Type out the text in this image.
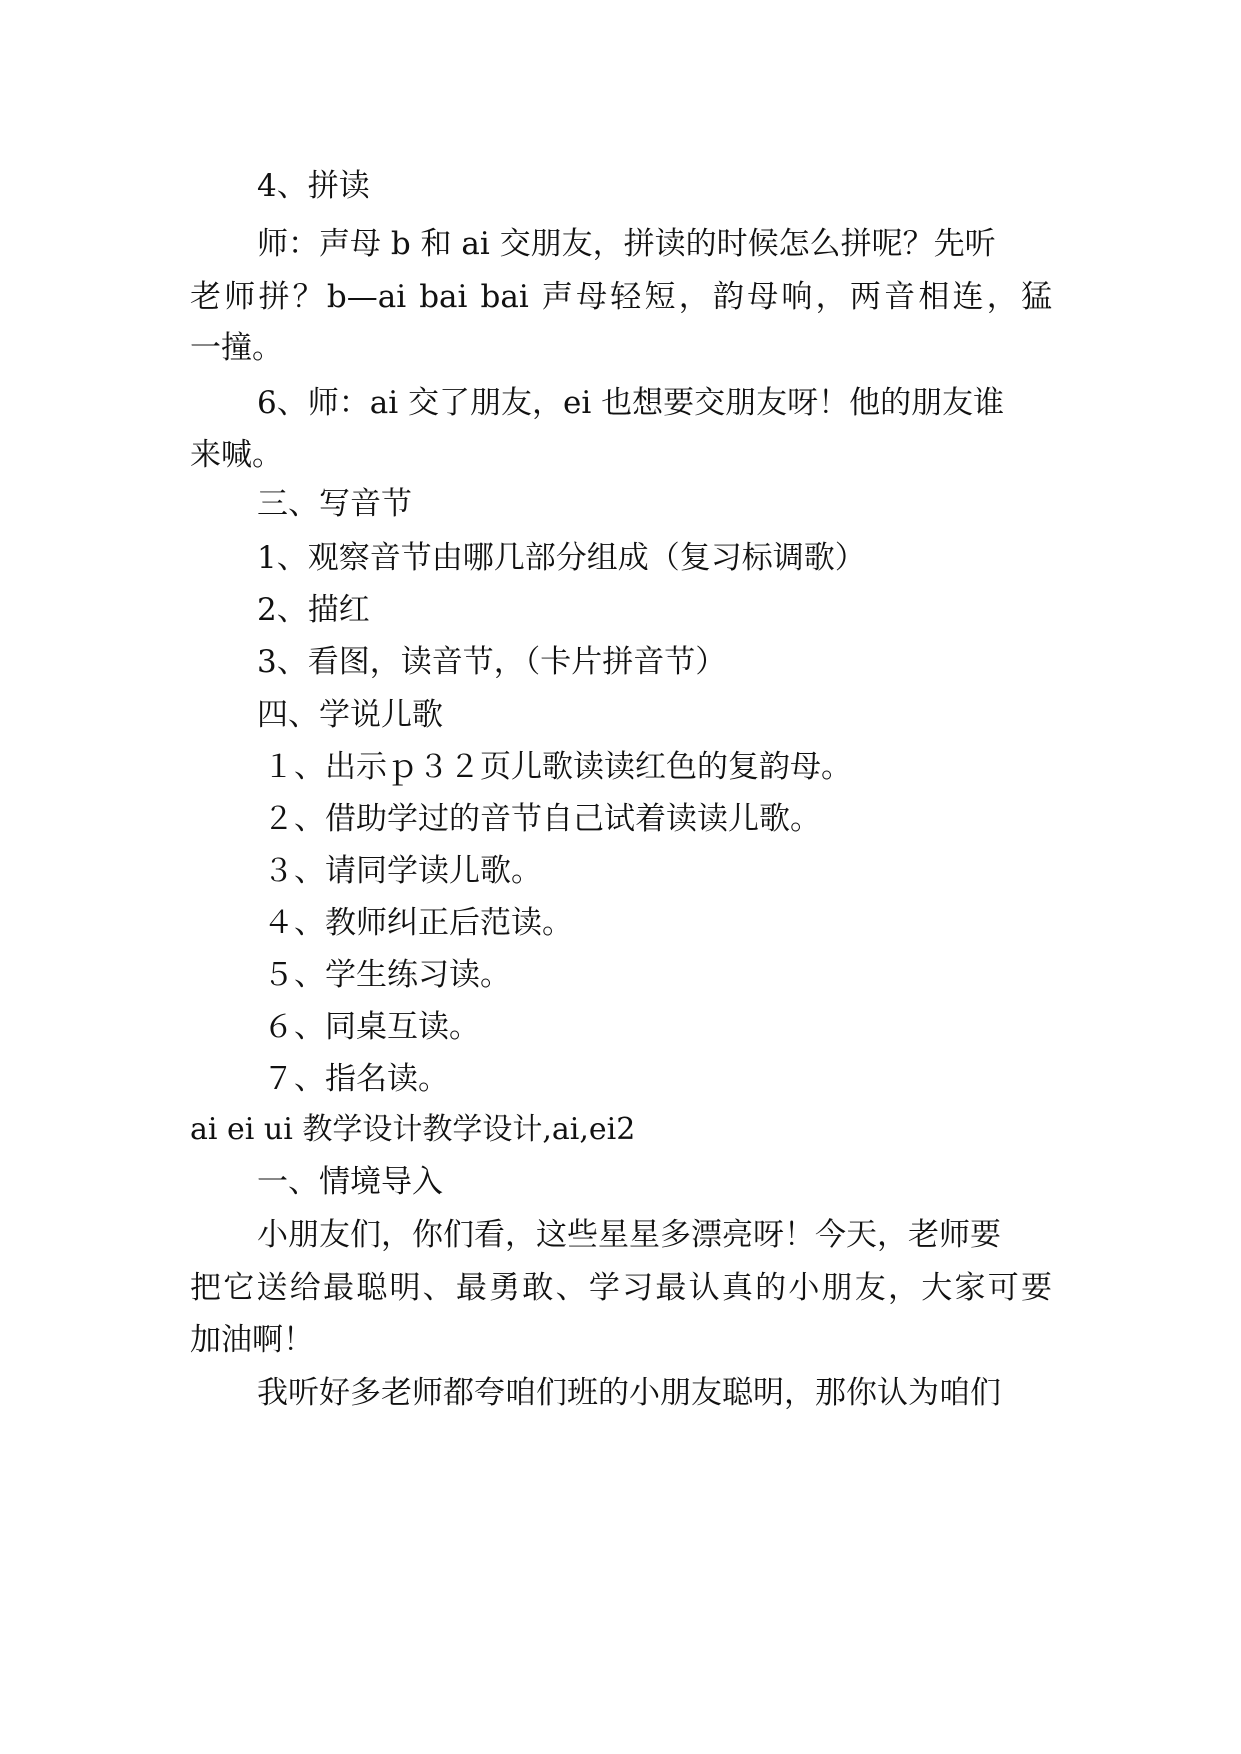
4、拼读
师：声母 b 和 ai 交朋友，拼读的时候怎么拼呢？先听
老师拼？b—ai bai bai 声母轻短，韵母响，两音相连，猛
一撞。
6、师：ai 交了朋友，ei 也想要交朋友呀！他的朋友谁
来喊。
三、写音节
1、观察音节由哪几部分组成（复习标调歌）
2、描红
3、看图，读音节，（卡片拼音节）
四、学说儿歌
１、出示ｐ３２页儿歌读读红色的复韵母。
２、借助学过的音节自己试着读读儿歌。
３、请同学读儿歌。
４、教师纠正后范读。
５、学生练习读。
６、同桌互读。
７、指名读。
ai ei ui 教学设计教学设计,ai,ei2
一、情境导入
小朋友们，你们看，这些星星多漂亮呀！今天，老师要
把它送给最聪明、最勇敢、学习最认真的小朋友，大家可要
加油啊！
我听好多老师都夸咱们班的小朋友聪明，那你认为咱们
